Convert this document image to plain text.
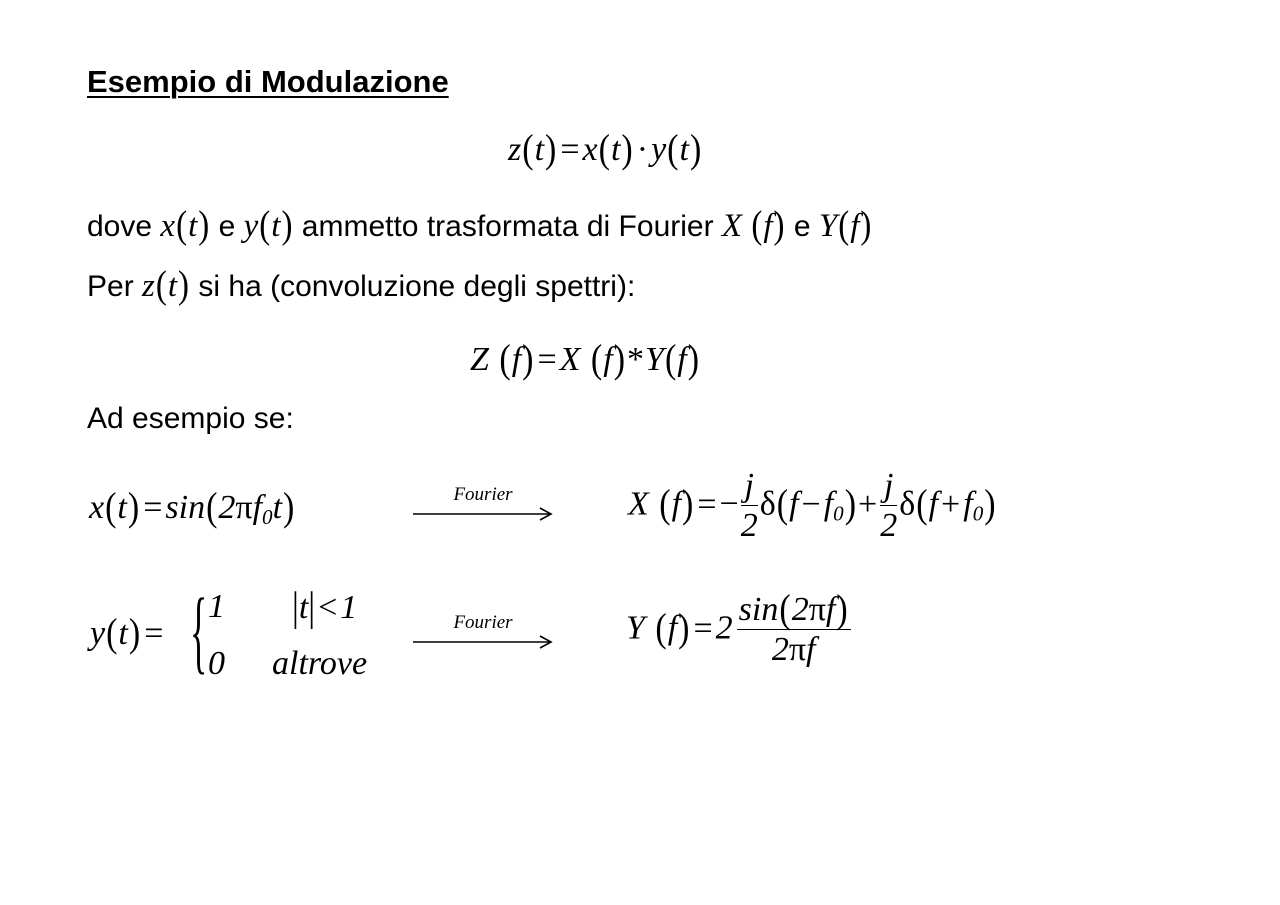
Esempio di Modulazione
z(t) =x(t) ·y(t)
dove x(t) e y(t) ammetto trasformata di Fourier X (f) e Y(f)
Per z(t) si ha (convoluzione degli spettri):
Z (f) =X (f)*Y(f)
Ad esempio se:
x(t) =sin(2πf0t)	Fourier	X $(f) =- \frac{j}{2} \delta(f-f0)+ \frac{j}{2} \delta(f+f0)$
y(t) = { 1 |t|<1
0 altrove
Fourier	Y $(f) =2 \frac{\sin(2\pi f)}{2\pi f}$
